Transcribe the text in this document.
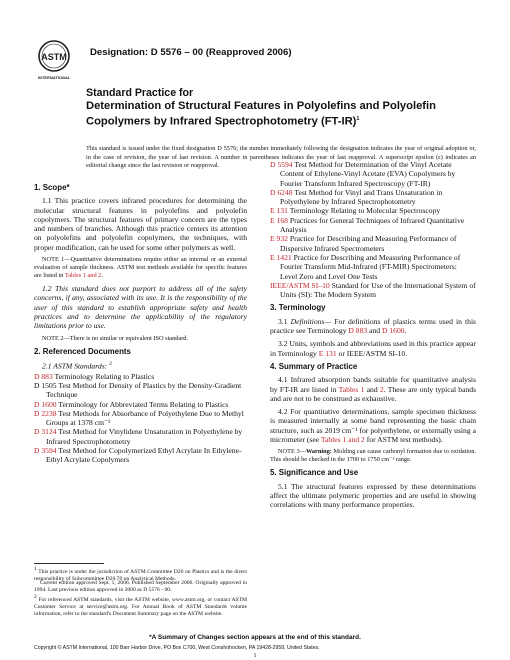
ASTM
INTERNATIONAL
Designation: D 5576 – 00 (Reapproved 2006)
Standard Practice for
Determination of Structural Features in Polyolefins and Polyolefin Copolymers by Infrared Spectrophotometry $(FT-IR)^1$
This standard is issued under the fixed designation D 5576; the number immediately following the designation indicates the year of original adoption or, in the case of revision, the year of last revision. A number in parentheses indicates the year of last reapproval. A superscript epsilon (ε) indicates an editorial change since the last revision or reapproval.
1. Scope*
1.1 This practice covers infrared procedures for determining the molecular structural features in polyolefins and polyolefin copolymers. The structural features of primary concern are the types and numbers of branches. Although this practice centers its attention on polyolefins and polyolefin copolymers, the techniques, with proper modification, can be used for some other polymers as well.
NOTE 1—Quantitative determinations require either an internal or an external evaluation of sample thickness. ASTM test methods available for specific features are listed in Tables 1 and 2.
1.2 This standard does not purport to address all of the safety concerns, if any, associated with its use. It is the responsibility of the user of this standard to establish appropriate safety and health practices and to determine the applicability of the regulatory limitations prior to use.
NOTE 2—There is no similar or equivalent ISO standard.
2. Referenced Documents
2.1 ASTM Standards: $^2$
D 883 Terminology Relating to Plastics
D 1505 Test Method for Density of Plastics by the Density-Gradient Technique
D 1600 Terminology for Abbreviated Terms Relating to Plastics
D 2238 Test Methods for Absorbance of Polyethylene Due to Methyl Groups at 1378 cm⁻¹
D 3124 Test Method for Vinylidene Unsaturation in Polyethylene by Infrared Spectrophotometry
D 3594 Test Method for Copolymerized Ethyl Acrylate In Ethylene-Ethyl Acrylate Copolymers
D 5594 Test Method for Determination of the Vinyl Acetate Content of Ethylene-Vinyl Acetate (EVA) Copolymers by Fourier Transform Infrared Spectroscopy (FT-IR)
D 6248 Test Method for Vinyl and Trans Unsaturation in Polyethylene by Infrared Spectrophotometry
E 131 Terminology Relating to Molecular Spectroscopy
E 168 Practices for General Techniques of Infrared Quantitative Analysis
E 932 Practice for Describing and Measuring Performance of Dispersive Infrared Spectrometers
E 1421 Practice for Describing and Measuring Performance of Fourier Transform Mid-Infrared (FT-MIR) Spectrometers: Level Zero and Level One Tests
IEEE/ASTM SI–10 Standard for Use of the International System of Units (SI): The Modern System
3. Terminology
3.1 Definitions— For definitions of plastics terms used in this practice see Terminology D 883 and D 1600.
3.2 Units, symbols and abbreviations used in this practice appear in Terminology E 131 or IEEE/ASTM SI-10.
4. Summary of Practice
4.1 Infrared absorption bands suitable for quantitative analysis by FT-IR are listed in Tables 1 and 2. These are only typical bands and are not to be construed as exhaustive.
4.2 For quantitative determinations, sample specimen thickness is measured internally at some band representing the basic chain structure, such as 2019 cm⁻¹ for polyethylene, or externally using a micrometer (see Tables 1 and 2 for ASTM test methods).
NOTE 3—Warning: Molding can cause carbonyl formation due to oxidation. This should be checked in the 1700 to 1750 cm⁻¹ range.
5. Significance and Use
5.1 The structural features expressed by these determinations affect the ultimate polymeric properties and are useful in showing correlations with many performance properties.
$^1$ This practice is under the jurisdiction of ASTM Committee D20 on Plastics and is the direct responsibility of Subcommittee D20.70 on Analytical Methods.
Current edition approved Sept. 1, 2006. Published September 2006. Originally approved in 1994. Last previous edition approved in 2000 as D 5576 - 00.
$^2$ For referenced ASTM standards, visit the ASTM website, www.astm.org, or contact ASTM Customer Service at service@astm.org. For Annual Book of ASTM Standards volume information, refer to the standard's Document Summary page on the ASTM website.
*A Summary of Changes section appears at the end of this standard.
Copyright © ASTM International, 100 Barr Harbor Drive, PO Box C700, West Conshohocken, PA 19428-2959, United States.
1
